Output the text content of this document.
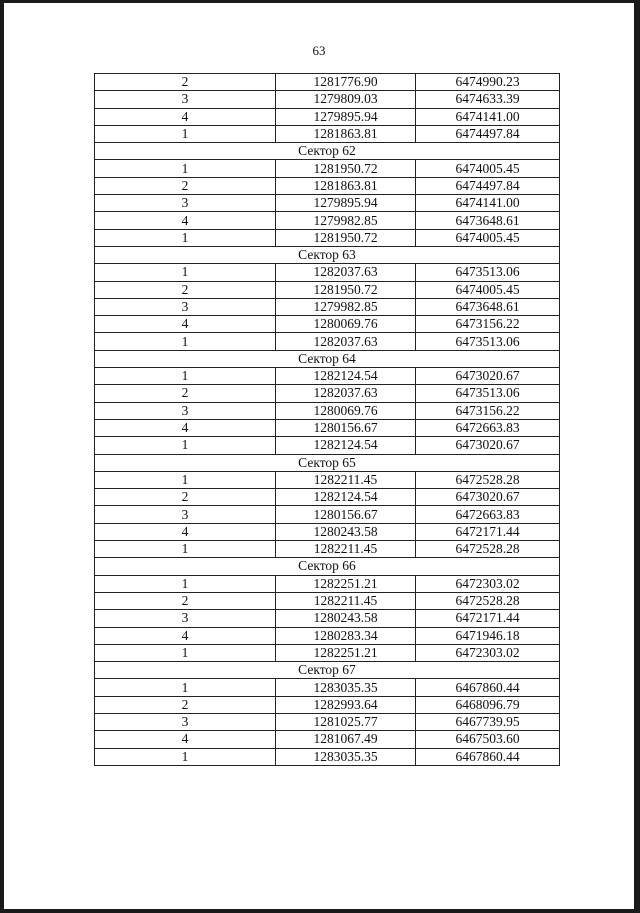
63
2	1281776.90	6474990.23
3	1279809.03	6474633.39
4	1279895.94	6474141.00
1	1281863.81	6474497.84
Сектор 62		
1	1281950.72	6474005.45
2	1281863.81	6474497.84
3	1279895.94	6474141.00
4	1279982.85	6473648.61
1	1281950.72	6474005.45
Сектор 63		
1	1282037.63	6473513.06
2	1281950.72	6474005.45
3	1279982.85	6473648.61
4	1280069.76	6473156.22
1	1282037.63	6473513.06
Сектор 64		
1	1282124.54	6473020.67
2	1282037.63	6473513.06
3	1280069.76	6473156.22
4	1280156.67	6472663.83
1	1282124.54	6473020.67
Сектор 65		
1	1282211.45	6472528.28
2	1282124.54	6473020.67
3	1280156.67	6472663.83
4	1280243.58	6472171.44
1	1282211.45	6472528.28
Сектор 66		
1	1282251.21	6472303.02
2	1282211.45	6472528.28
3	1280243.58	6472171.44
4	1280283.34	6471946.18
1	1282251.21	6472303.02
Сектор 67		
1	1283035.35	6467860.44
2	1282993.64	6468096.79
3	1281025.77	6467739.95
4	1281067.49	6467503.60
1	1283035.35	6467860.44
